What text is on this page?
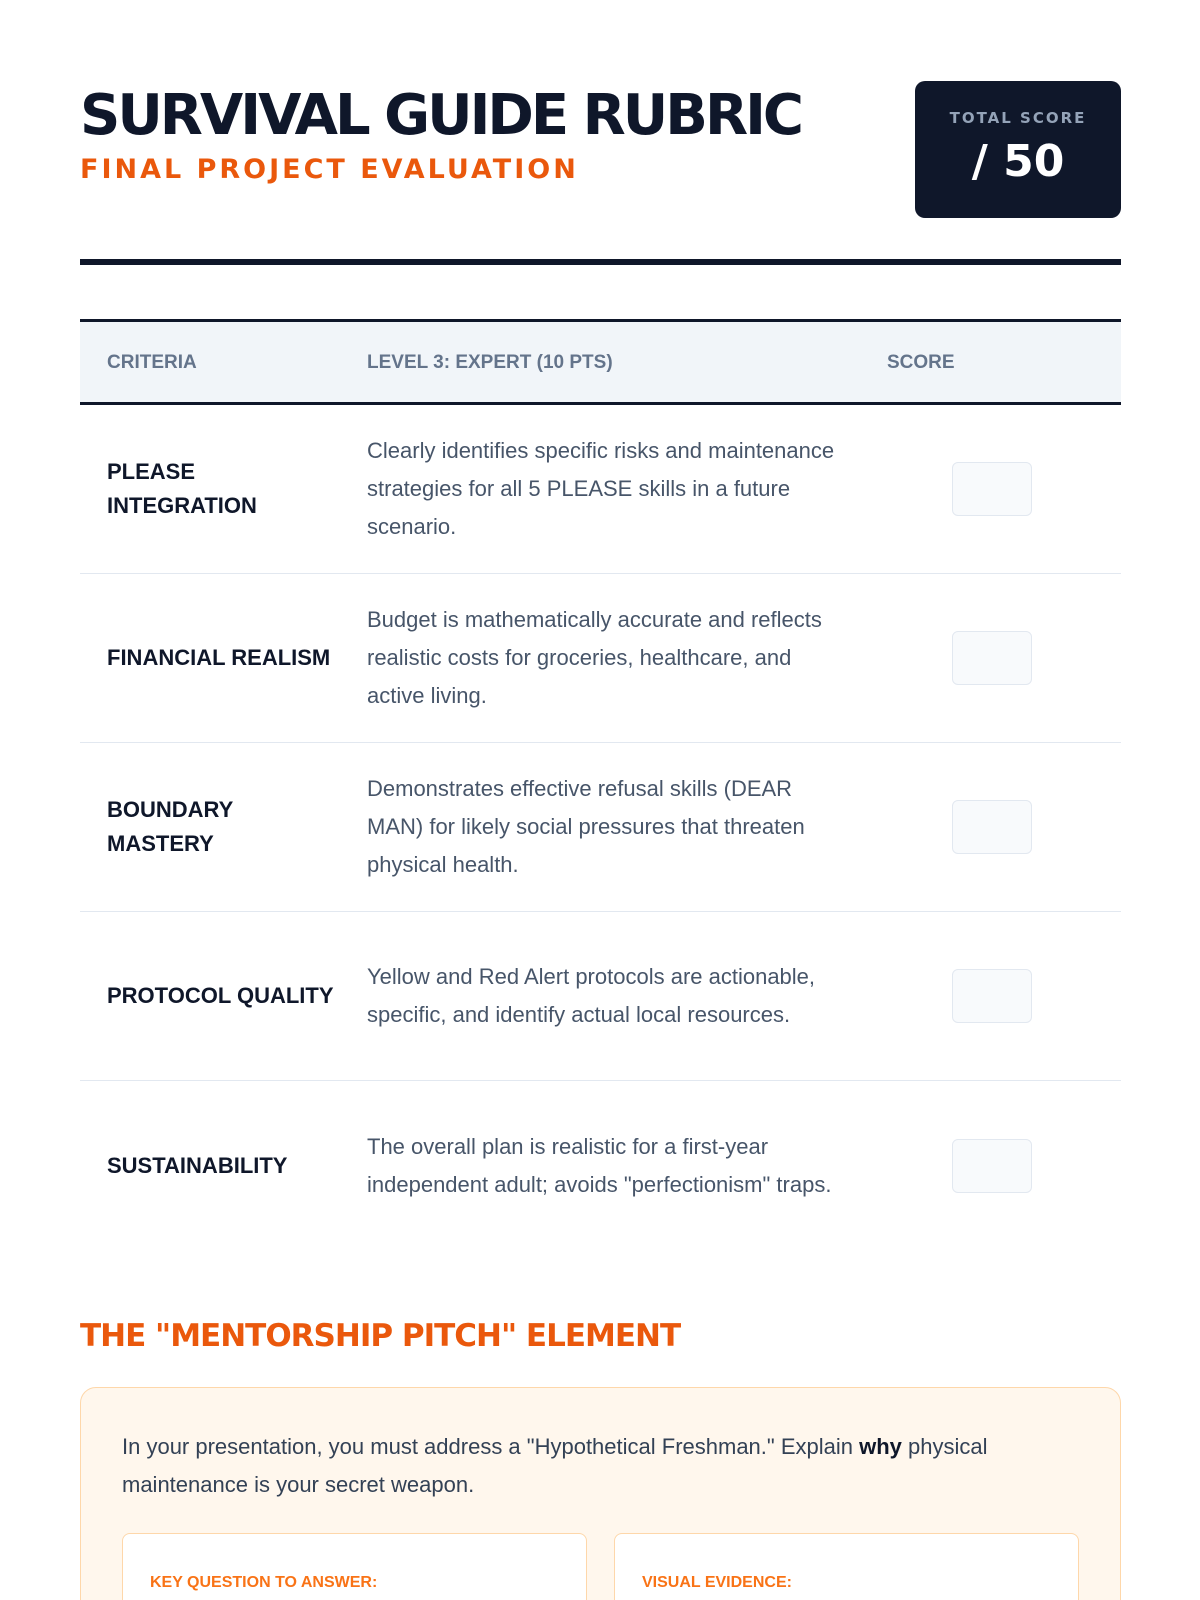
SURVIVAL GUIDE RUBRIC
FINAL PROJECT EVALUATION
TOTAL SCORE
/ 50
CRITERIA	LEVEL 3: EXPERT (10 PTS)	SCORE
PLEASE INTEGRATION
Clearly identifies specific risks and maintenance strategies for all 5 PLEASE skills in a future scenario.
FINANCIAL REALISM
Budget is mathematically accurate and reflects realistic costs for groceries, healthcare, and active living.
BOUNDARY MASTERY
Demonstrates effective refusal skills (DEAR MAN) for likely social pressures that threaten physical health.
PROTOCOL QUALITY
Yellow and Red Alert protocols are actionable, specific, and identify actual local resources.
SUSTAINABILITY
The overall plan is realistic for a first-year independent adult; avoids "perfectionism" traps.
THE "MENTORSHIP PITCH" ELEMENT

In your presentation, you must address a "Hypothetical Freshman." Explain why physical maintenance is your secret weapon.

KEY QUESTION TO ANSWER:	VISUAL EVIDENCE:
